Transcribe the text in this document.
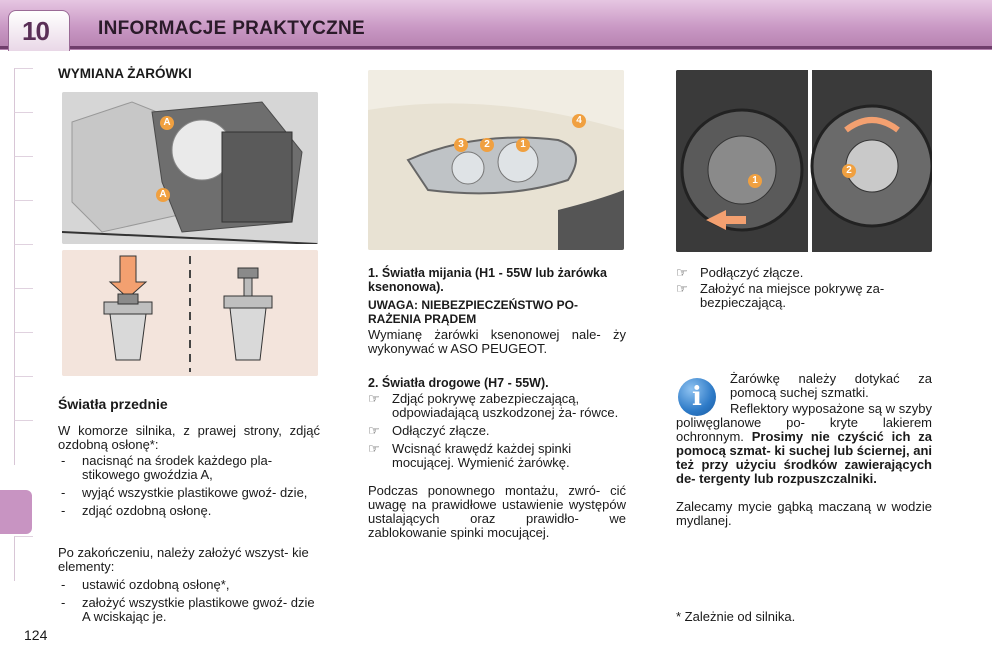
10	INFORMACJE PRAKTYCZNE
WYMIANA ŻARÓWKI
A
A
Światła przednie
W komorze silnika, z prawej strony, zdjąć ozdobną osłonę*:
- nacisnąć na środek każdego pla- stikowego gwoździa A,
- wyjąć wszystkie plastikowe gwoź- dzie,
- zdjąć ozdobną osłonę.
Po zakończeniu, należy założyć wszyst- kie elementy:
- ustawić ozdobną osłonę*,
- założyć wszystkie plastikowe gwoź- dzie A wciskając je.
124
3	2	1
4
1. Światła mijania (H1 - 55W lub żarówka ksenonowa).
UWAGA: NIEBEZPIECZEŃSTWO PO- RAŻENIA PRĄDEM
Wymianę żarówki ksenonowej nale- ży wykonywać w ASO PEUGEOT.
2. Światła drogowe (H7 - 55W).
☞ Zdjąć pokrywę zabezpieczającą, odpowiadającą uszkodzonej ża- rówce.
☞ Odłączyć złącze.
☞ Wcisnąć krawędź każdej spinki mocującej. Wymienić żarówkę.
Podczas ponownego montażu, zwró- cić uwagę na prawidłowe ustawienie występów ustalających oraz prawidło- we zablokowanie spinki mocującej.
1
2
☞ Podłączyć złącze.
☞ Założyć na miejsce pokrywę za- bezpieczającą.
i
Żarówkę należy dotykać za pomocą suchej szmatki.
Reflektory wyposażone są w szyby poliwęglanowe po- kryte lakierem ochronnym. Prosimy nie czyścić ich za pomocą szmat- ki suchej lub ściernej, ani też przy użyciu środków zawierających de- tergenty lub rozpuszczalniki.
Zalecamy mycie gąbką maczaną w wodzie mydlanej.
* Zależnie od silnika.
